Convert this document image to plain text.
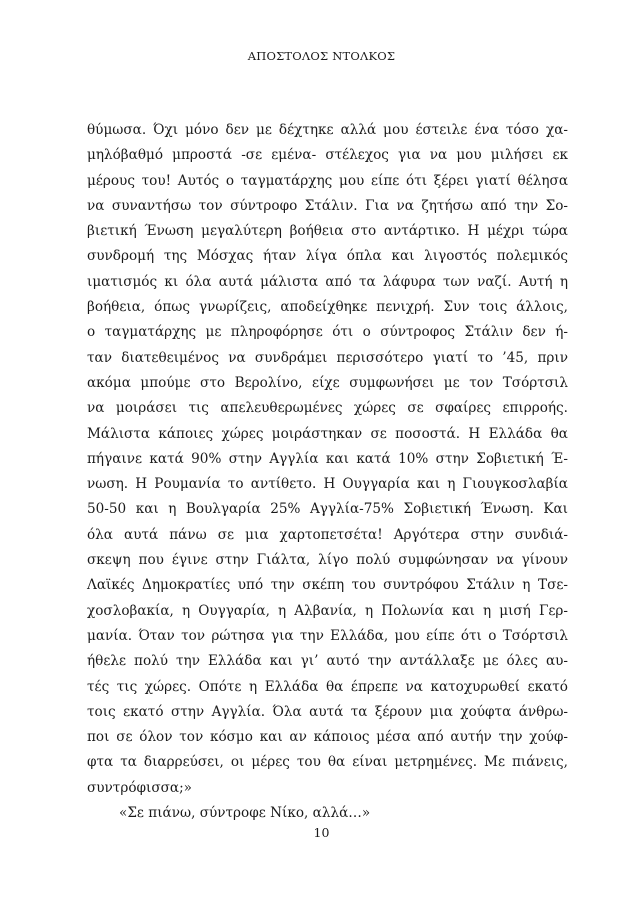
ΑΠΟΣΤΟΛΟΣ ΝΤΟΛΚΟΣ
θύμωσα. Όχι μόνο δεν με δέχτηκε αλλά μου έστειλε ένα τόσο χα-
μηλόβαθμό μπροστά -σε εμένα- στέλεχος για να μου μιλήσει εκ
μέρους του! Αυτός ο ταγματάρχης μου είπε ότι ξέρει γιατί θέλησα
να συναντήσω τον σύντροφο Στάλιν. Για να ζητήσω από την Σο-
βιετική Ένωση μεγαλύτερη βοήθεια στο αντάρτικο. Η μέχρι τώρα
συνδρομή της Μόσχας ήταν λίγα όπλα και λιγοστός πολεμικός
ιματισμός κι όλα αυτά μάλιστα από τα λάφυρα των ναζί. Αυτή η
βοήθεια, όπως γνωρίζεις, αποδείχθηκε πενιχρή. Συν τοις άλλοις,
ο ταγματάρχης με πληροφόρησε ότι ο σύντροφος Στάλιν δεν ή-
ταν διατεθειμένος να συνδράμει περισσότερο γιατί το ’45, πριν
ακόμα μπούμε στο Βερολίνο, είχε συμφωνήσει με τον Τσόρτσιλ
να μοιράσει τις απελευθερωμένες χώρες σε σφαίρες επιρροής.
Μάλιστα κάποιες χώρες μοιράστηκαν σε ποσοστά. Η Ελλάδα θα
πήγαινε κατά 90% στην Αγγλία και κατά 10% στην Σοβιετική Έ-
νωση. Η Ρουμανία το αντίθετο. Η Ουγγαρία και η Γιουγκοσλαβία
50-50 και η Βουλγαρία 25% Αγγλία-75% Σοβιετική Ένωση. Και
όλα αυτά πάνω σε μια χαρτοπετσέτα! Αργότερα στην συνδιά-
σκεψη που έγινε στην Γιάλτα, λίγο πολύ συμφώνησαν να γίνουν
Λαϊκές Δημοκρατίες υπό την σκέπη του συντρόφου Στάλιν η Τσε-
χοσλοβακία, η Ουγγαρία, η Αλβανία, η Πολωνία και η μισή Γερ-
μανία. Όταν τον ρώτησα για την Ελλάδα, μου είπε ότι ο Τσόρτσιλ
ήθελε πολύ την Ελλάδα και γι’ αυτό την αντάλλαξε με όλες αυ-
τές τις χώρες. Οπότε η Ελλάδα θα έπρεπε να κατοχυρωθεί εκατό
τοις εκατό στην Αγγλία. Όλα αυτά τα ξέρουν μια χούφτα άνθρω-
ποι σε όλον τον κόσμο και αν κάποιος μέσα από αυτήν την χούφ-
φτα τα διαρρεύσει, οι μέρες του θα είναι μετρημένες. Με πιάνεις,
συντρόφισσα;»
«Σε πιάνω, σύντροφε Νίκο, αλλά…»
10
